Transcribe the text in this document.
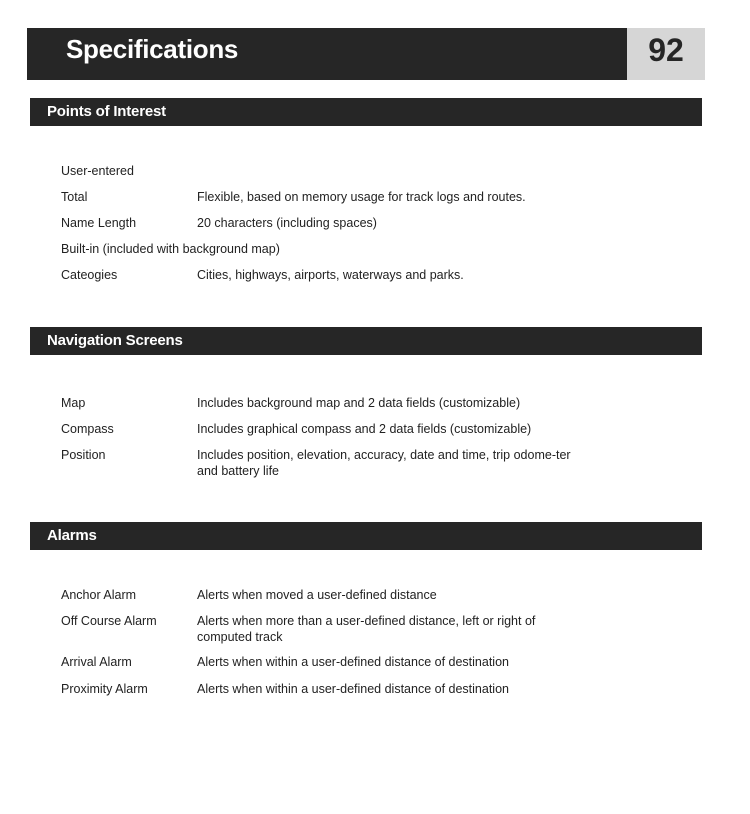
Specifications	92
Points of Interest
User-entered
Total	Flexible, based on memory usage for track logs and routes.
Name Length	20 characters (including spaces)
Built-in (included with background map)
Cateogies	Cities, highways, airports, waterways and parks.
Navigation Screens
Map	Includes background map and 2 data fields (customizable)
Compass	Includes graphical compass and 2 data fields (customizable)
Position	Includes position, elevation, accuracy, date and time, trip odome-ter and battery life
Alarms
Anchor Alarm	Alerts when moved a user-defined distance
Off Course Alarm	Alerts when more than a user-defined distance, left or right of computed track
Arrival Alarm	Alerts when within a user-defined distance of destination
Proximity Alarm	Alerts when within a user-defined distance of destination
